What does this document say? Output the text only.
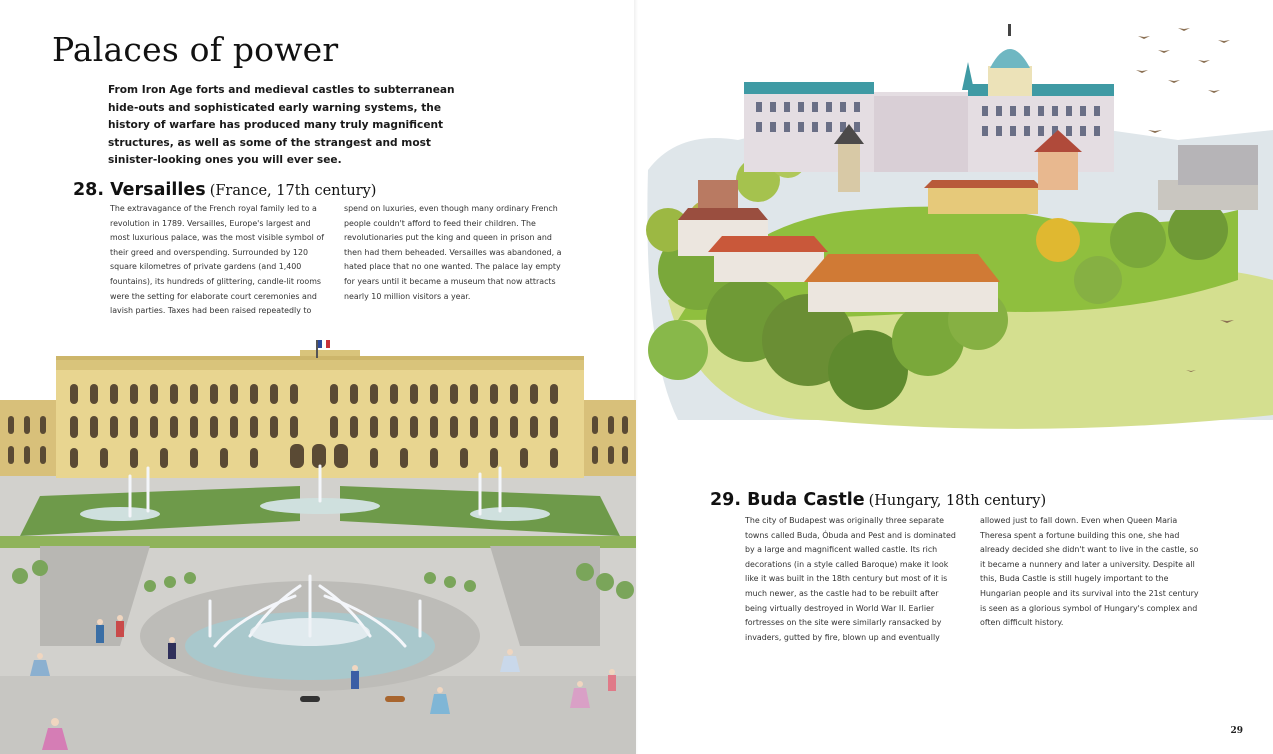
Palaces of power

From Iron Age forts and medieval castles to subterranean hide-outs and sophisticated early warning systems, the history of warfare has produced many truly magnificent structures, as well as some of the strangest and most sinister-looking ones you will ever see.

28. Versailles (France, 17th century)

The extravagance of the French royal family led to a revolution in 1789. Versailles, Europe's largest and most luxurious palace, was the most visible symbol of their greed and overspending. Surrounded by 120 square kilometres of private gardens (and 1,400 fountains), its hundreds of glittering, candle-lit rooms were the setting for elaborate court ceremonies and lavish parties. Taxes had been raised repeatedly to

spend on luxuries, even though many ordinary French people couldn't afford to feed their children. The revolutionaries put the king and queen in prison and then had them beheaded. Versailles was abandoned, a hated place that no one wanted. The palace lay empty for years until it became a museum that now attracts nearly 10 million visitors a year.

29. Buda Castle (Hungary, 18th century)

The city of Budapest was originally three separate towns called Buda, Óbuda and Pest and is dominated by a large and magnificent walled castle. Its rich decorations (in a style called Baroque) make it look like it was built in the 18th century but most of it is much newer, as the castle had to be rebuilt after being virtually destroyed in World War II. Earlier fortresses on the site were similarly ransacked by invaders, gutted by fire, blown up and eventually

allowed just to fall down. Even when Queen Maria Theresa spent a fortune building this one, she had already decided she didn't want to live in the castle, so it became a nunnery and later a university. Despite all this, Buda Castle is still hugely important to the Hungarian people and its survival into the 21st century is seen as a glorious symbol of Hungary's complex and often difficult history.

29
